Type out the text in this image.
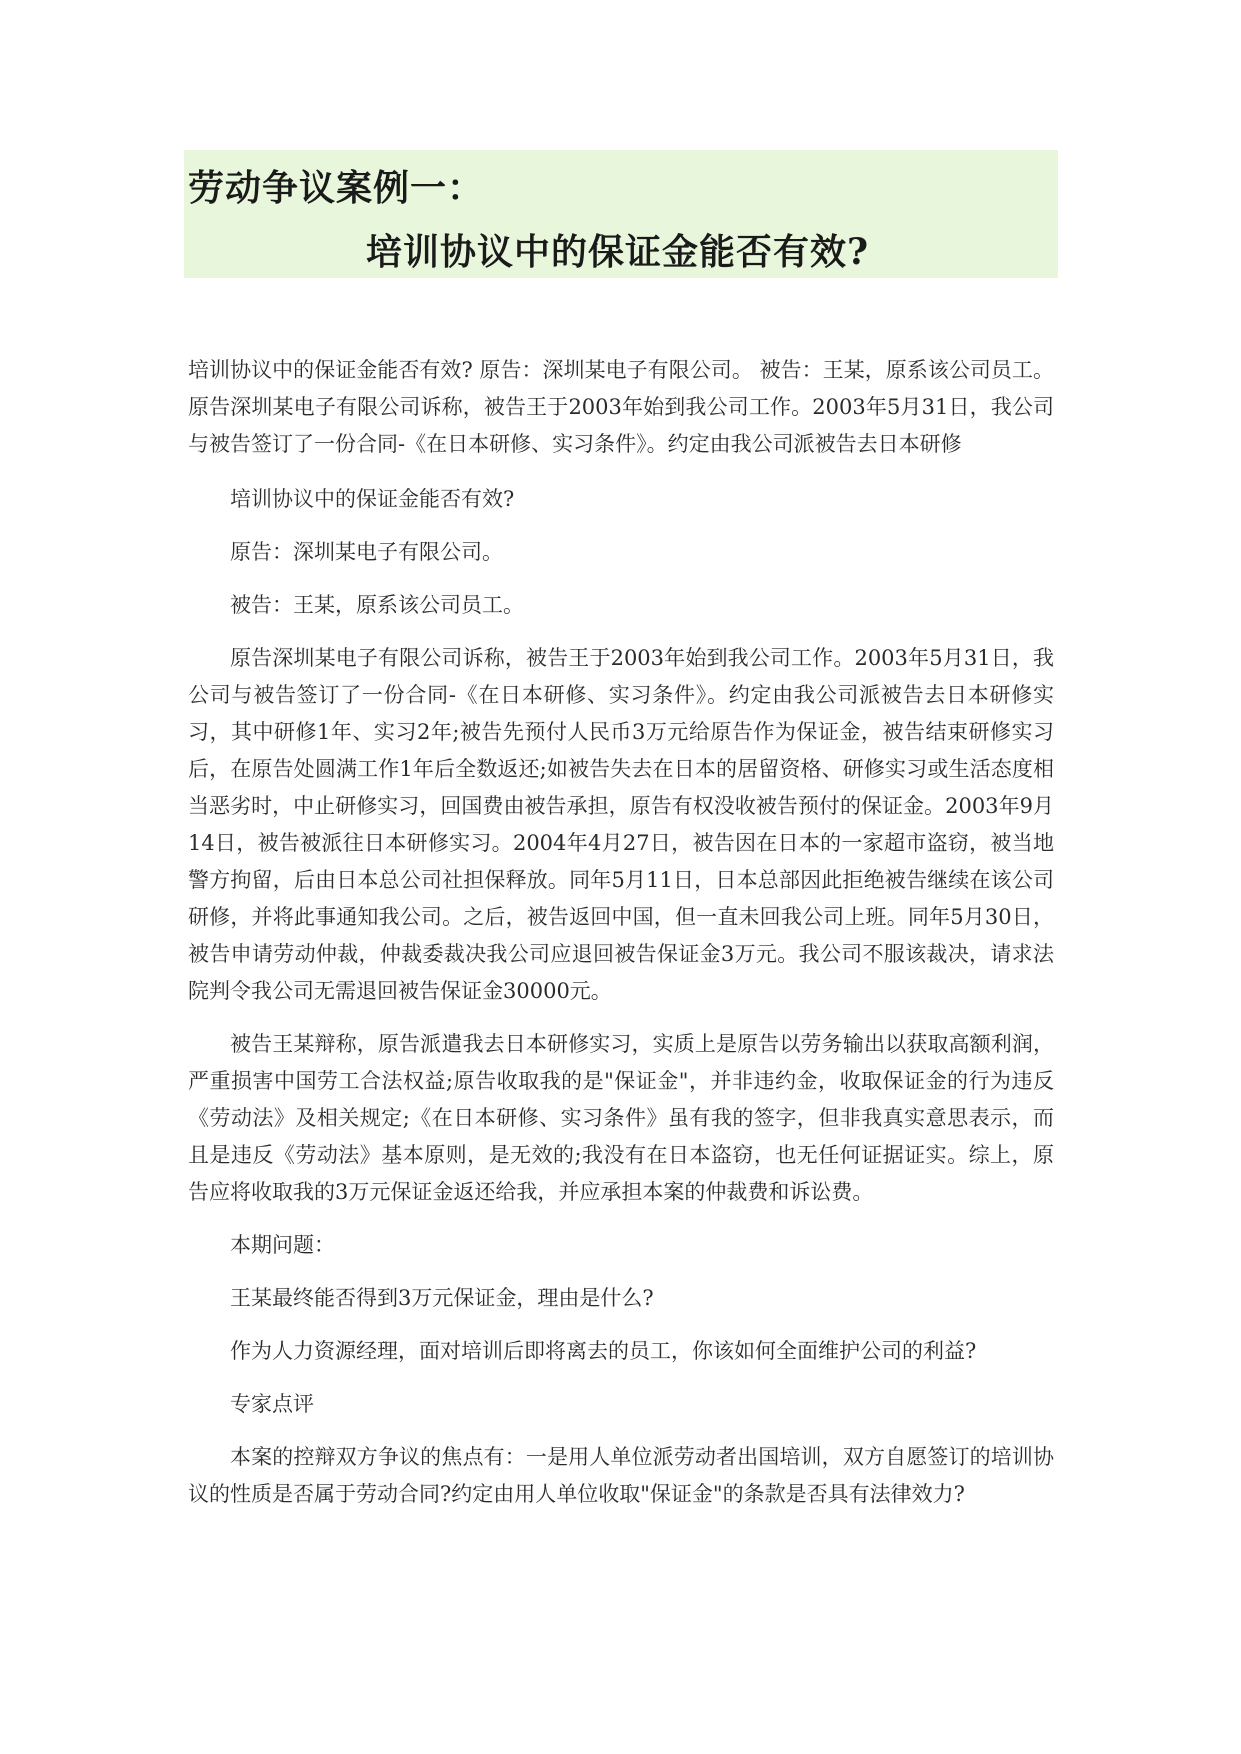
劳动争议案例一：
培训协议中的保证金能否有效?

培训协议中的保证金能否有效? 原告：深圳某电子有限公司。 被告：王某，原系该公司员工。 原告深圳某电子有限公司诉称，被告王于2003年始到我公司工作。2003年5月31日，我公司与被告签订了一份合同-《在日本研修、实习条件》。约定由我公司派被告去日本研修

培训协议中的保证金能否有效?

原告：深圳某电子有限公司。

被告：王某，原系该公司员工。

原告深圳某电子有限公司诉称，被告王于2003年始到我公司工作。2003年5月31日，我公司与被告签订了一份合同-《在日本研修、实习条件》。约定由我公司派被告去日本研修实习，其中研修1年、实习2年;被告先预付人民币3万元给原告作为保证金，被告结束研修实习后，在原告处圆满工作1年后全数返还;如被告失去在日本的居留资格、研修实习或生活态度相当恶劣时，中止研修实习，回国费由被告承担，原告有权没收被告预付的保证金。2003年9月14日，被告被派往日本研修实习。2004年4月27日，被告因在日本的一家超市盗窃，被当地警方拘留，后由日本总公司社担保释放。同年5月11日，日本总部因此拒绝被告继续在该公司研修，并将此事通知我公司。之后，被告返回中国，但一直未回我公司上班。同年5月30日，被告申请劳动仲裁，仲裁委裁决我公司应退回被告保证金3万元。我公司不服该裁决，请求法院判令我公司无需退回被告保证金30000元。

被告王某辩称，原告派遣我去日本研修实习，实质上是原告以劳务输出以获取高额利润，严重损害中国劳工合法权益;原告收取我的是"保证金"，并非违约金，收取保证金的行为违反《劳动法》及相关规定;《在日本研修、实习条件》虽有我的签字，但非我真实意思表示，而且是违反《劳动法》基本原则，是无效的;我没有在日本盗窃，也无任何证据证实。综上，原告应将收取我的3万元保证金返还给我，并应承担本案的仲裁费和诉讼费。

本期问题：

王某最终能否得到3万元保证金，理由是什么?

作为人力资源经理，面对培训后即将离去的员工，你该如何全面维护公司的利益?

专家点评

本案的控辩双方争议的焦点有：一是用人单位派劳动者出国培训，双方自愿签订的培训协议的性质是否属于劳动合同?约定由用人单位收取"保证金"的条款是否具有法律效力?
